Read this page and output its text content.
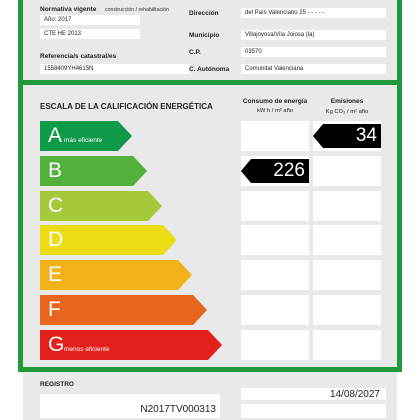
Normativa vigente construcción / rehabilitación
Año: 2017
CTE HE 2013
Referencia/s catastral/es
1558409YH4615N
Dirección	del País Valenciano 25 - - - - -
Municipio	Villajoyosa/Vila Joiosa (la)
C.P.	03570
C. Autónoma	Comunitat Valenciana
ESCALA DE LA CALIFICACIÓN ENERGÉTICA
Consumo de energía
kW h / m² año
Emisiones
Kg CO₂ / m² año
A más eficiente
B
C
D
E
F
G menos eficiente
226
34
REGISTRO
N2017TV000313
14/08/2027
